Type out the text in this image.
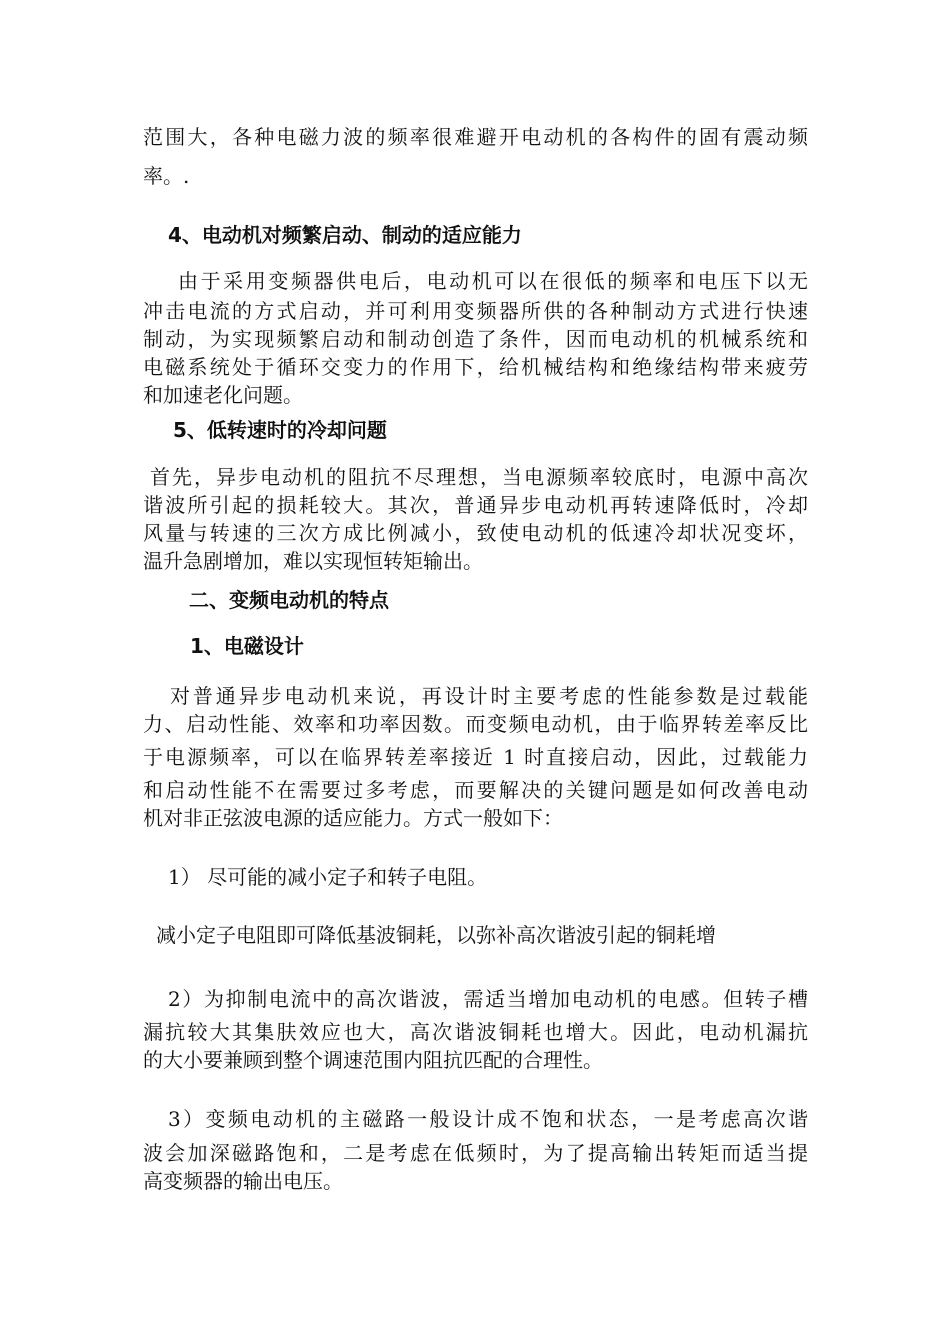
范围大，各种电磁力波的频率很难避开电动机的各构件的固有震动频

率。.

4、电动机对频繁启动、制动的适应能力

由于采用变频器供电后，电动机可以在很低的频率和电压下以无

冲击电流的方式启动，并可利用变频器所供的各种制动方式进行快速

制动，为实现频繁启动和制动创造了条件，因而电动机的机械系统和

电磁系统处于循环交变力的作用下，给机械结构和绝缘结构带来疲劳

和加速老化问题。

5、低转速时的冷却问题

首先，异步电动机的阻抗不尽理想，当电源频率较底时，电源中高次

谐波所引起的损耗较大。其次，普通异步电动机再转速降低时，冷却

风量与转速的三次方成比例减小，致使电动机的低速冷却状况变坏，

温升急剧增加，难以实现恒转矩输出。

二、变频电动机的特点

1、电磁设计

对普通异步电动机来说，再设计时主要考虑的性能参数是过载能

力、启动性能、效率和功率因数。而变频电动机，由于临界转差率反比

于电源频率，可以在临界转差率接近 1 时直接启动，因此，过载能力

和启动性能不在需要过多考虑，而要解决的关键问题是如何改善电动

机对非正弦波电源的适应能力。方式一般如下：

1） 尽可能的减小定子和转子电阻。

减小定子电阻即可降低基波铜耗，以弥补高次谐波引起的铜耗增

2）为抑制电流中的高次谐波，需适当增加电动机的电感。但转子槽

漏抗较大其集肤效应也大，高次谐波铜耗也增大。因此，电动机漏抗

的大小要兼顾到整个调速范围内阻抗匹配的合理性。

3）变频电动机的主磁路一般设计成不饱和状态，一是考虑高次谐

波会加深磁路饱和，二是考虑在低频时，为了提高输出转矩而适当提

高变频器的输出电压。
